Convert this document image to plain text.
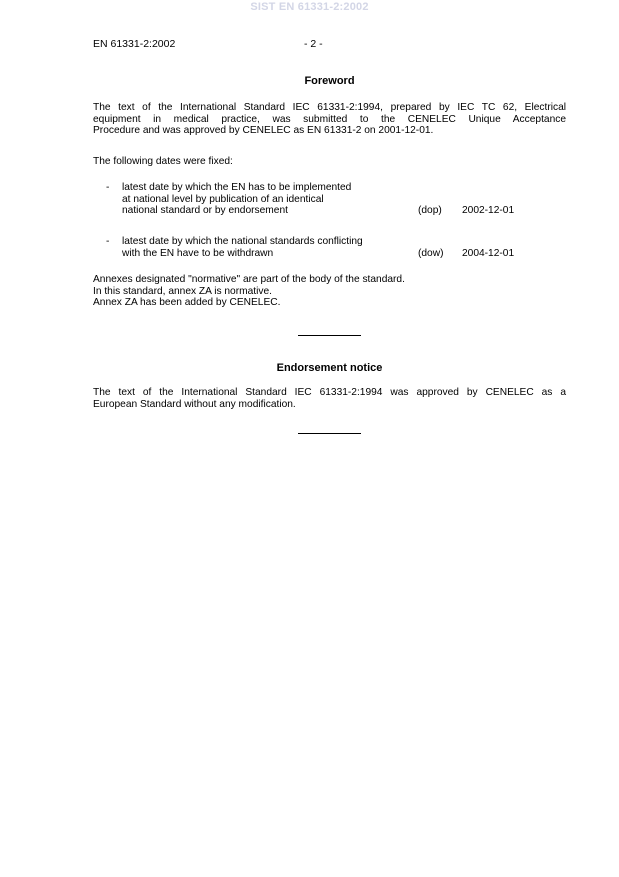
SIST EN 61331-2:2002
EN 61331-2:2002	- 2 -
Foreword
The text of the International Standard IEC 61331-2:1994, prepared by IEC TC 62, Electrical
equipment in medical practice, was submitted to the CENELEC Unique Acceptance
Procedure and was approved by CENELEC as EN 61331-2 on 2001-12-01.
The following dates were fixed:
- latest date by which the EN has to be implemented
at national level by publication of an identical
national standard or by endorsement	(dop) 2002-12-01
- latest date by which the national standards conflicting
with the EN have to be withdrawn	(dow) 2004-12-01
Annexes designated "normative" are part of the body of the standard.
In this standard, annex ZA is normative.
Annex ZA has been added by CENELEC.
Endorsement notice
The text of the International Standard IEC 61331-2:1994 was approved by CENELEC as a
European Standard without any modification.
